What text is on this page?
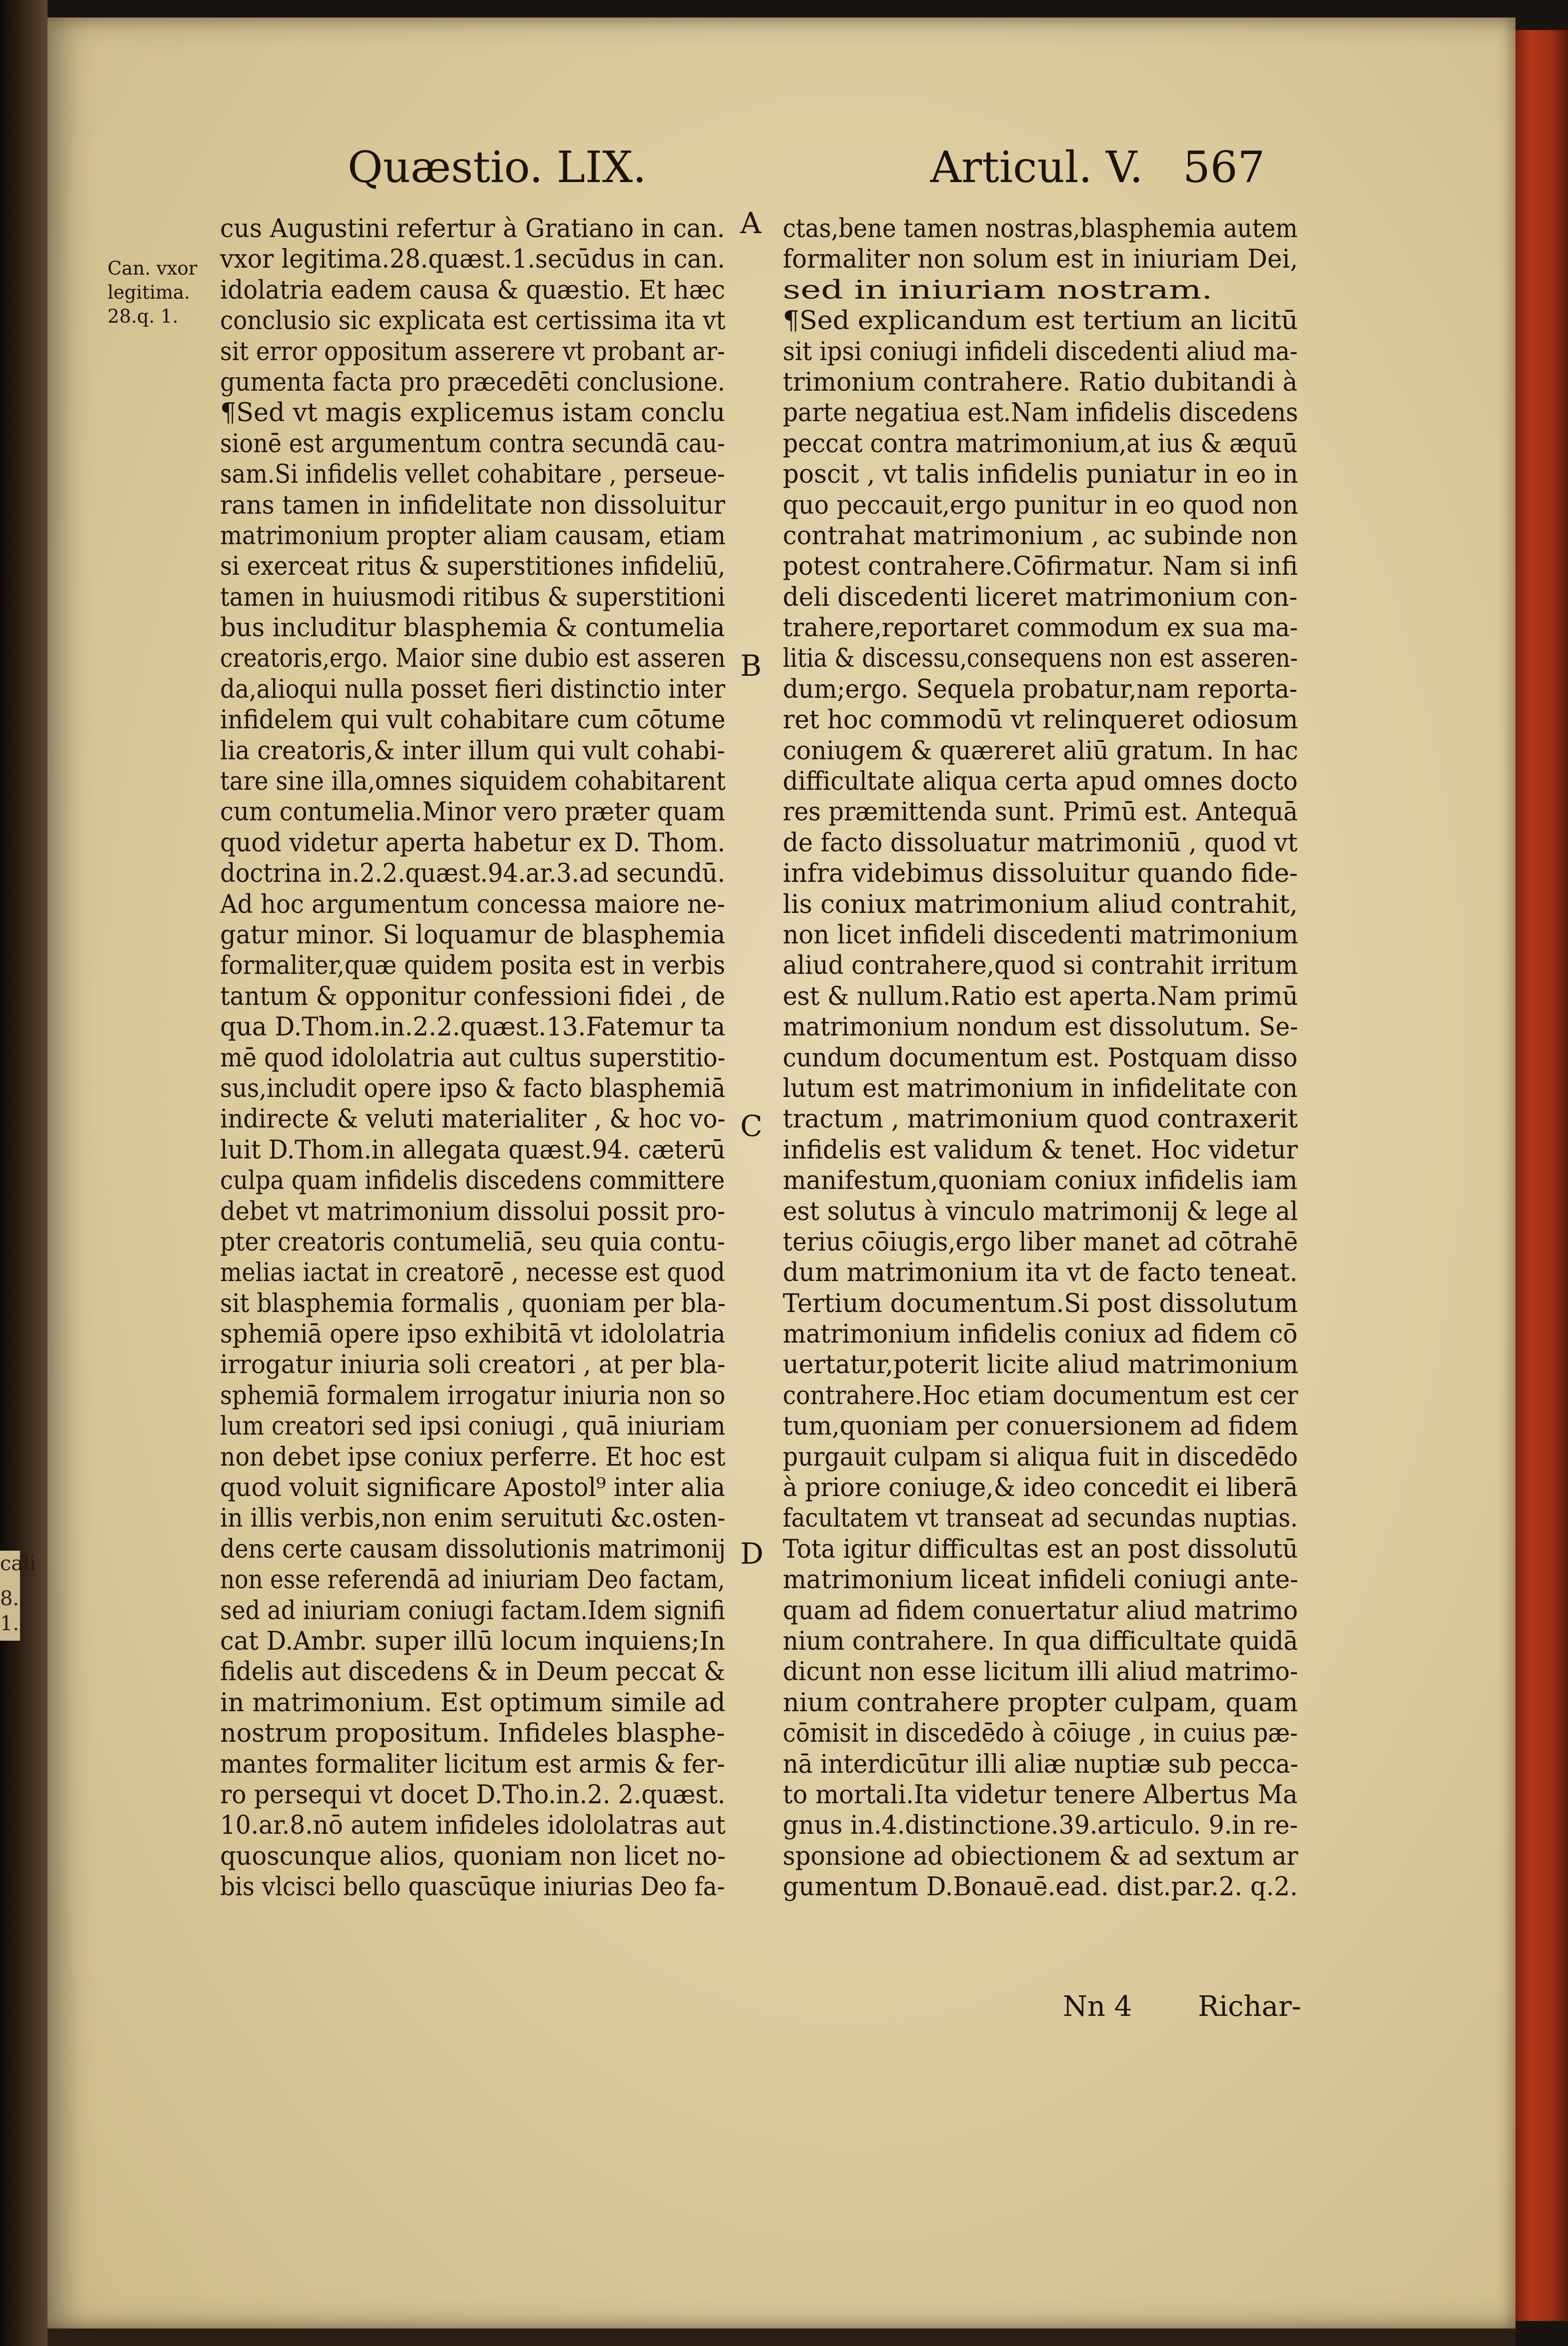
cali
8.
1.
Quæstio. LIX.	Articul. V. 567
Can. vxor
legitima.
28.q. 1.
A
B
C
D
cus Augustini refertur à Gratiano in can.
vxor legitima.28.quæst.1.secūdus in can.
idolatria eadem causa & quæstio. Et hæc
conclusio sic explicata est certissima ita vt
sit error oppositum asserere vt probant ar-
gumenta facta pro præcedēti conclusione.
¶Sed vt magis explicemus istam conclu
sionē est argumentum contra secundā cau-
sam.Si infidelis vellet cohabitare , perseue-
rans tamen in infidelitate non dissoluitur
matrimonium propter aliam causam, etiam
si exerceat ritus & superstitiones infideliū,
tamen in huiusmodi ritibus & superstitioni
bus includitur blasphemia & contumelia
creatoris,ergo. Maior sine dubio est asseren
da,alioqui nulla posset fieri distinctio inter
infidelem qui vult cohabitare cum cōtume
lia creatoris,& inter illum qui vult cohabi-
tare sine illa,omnes siquidem cohabitarent
cum contumelia.Minor vero præter quam
quod videtur aperta habetur ex D. Thom.
doctrina in.2.2.quæst.94.ar.3.ad secundū.
Ad hoc argumentum concessa maiore ne-
gatur minor. Si loquamur de blasphemia
formaliter,quæ quidem posita est in verbis
tantum & opponitur confessioni fidei , de
qua D.Thom.in.2.2.quæst.13.Fatemur ta
mē quod idololatria aut cultus superstitio-
sus,includit opere ipso & facto blasphemiā
indirecte & veluti materialiter , & hoc vo-
luit D.Thom.in allegata quæst.94. cæterū
culpa quam infidelis discedens committere
debet vt matrimonium dissolui possit pro-
pter creatoris contumeliā, seu quia contu-
melias iactat in creatorē , necesse est quod
sit blasphemia formalis , quoniam per bla-
sphemiā opere ipso exhibitā vt idololatria
irrogatur iniuria soli creatori , at per bla-
sphemiā formalem irrogatur iniuria non so
lum creatori sed ipsi coniugi , quā iniuriam
non debet ipse coniux perferre. Et hoc est
quod voluit significare Apostol⁹ inter alia
in illis verbis,non enim seruituti &c.osten-
dens certe causam dissolutionis matrimonij
non esse referendā ad iniuriam Deo factam,
sed ad iniuriam coniugi factam.Idem signifi
cat D.Ambr. super illū locum inquiens;In
fidelis aut discedens & in Deum peccat &
in matrimonium. Est optimum simile ad
nostrum propositum. Infideles blasphe-
mantes formaliter licitum est armis & fer-
ro persequi vt docet D.Tho.in.2. 2.quæst.
10.ar.8.nō autem infideles idololatras aut
quoscunque alios, quoniam non licet no-
bis vlcisci bello quascūque iniurias Deo fa-
ctas,bene tamen nostras,blasphemia autem
formaliter non solum est in iniuriam Dei,
sed in iniuriam nostram.
¶Sed explicandum est tertium an licitū
sit ipsi coniugi infideli discedenti aliud ma-
trimonium contrahere. Ratio dubitandi à
parte negatiua est.Nam infidelis discedens
peccat contra matrimonium,at ius & æquū
poscit , vt talis infidelis puniatur in eo in
quo peccauit,ergo punitur in eo quod non
contrahat matrimonium , ac subinde non
potest contrahere.Cōfirmatur. Nam si infi
deli discedenti liceret matrimonium con-
trahere,reportaret commodum ex sua ma-
litia & discessu,consequens non est asseren-
dum;ergo. Sequela probatur,nam reporta-
ret hoc commodū vt relinqueret odiosum
coniugem & quæreret aliū gratum. In hac
difficultate aliqua certa apud omnes docto
res præmittenda sunt. Primū est. Antequā
de facto dissoluatur matrimoniū , quod vt
infra videbimus dissoluitur quando fide-
lis coniux matrimonium aliud contrahit,
non licet infideli discedenti matrimonium
aliud contrahere,quod si contrahit irritum
est & nullum.Ratio est aperta.Nam primū
matrimonium nondum est dissolutum. Se-
cundum documentum est. Postquam disso
lutum est matrimonium in infidelitate con
tractum , matrimonium quod contraxerit
infidelis est validum & tenet. Hoc videtur
manifestum,quoniam coniux infidelis iam
est solutus à vinculo matrimonij & lege al
terius cōiugis,ergo liber manet ad cōtrahē
dum matrimonium ita vt de facto teneat.
Tertium documentum.Si post dissolutum
matrimonium infidelis coniux ad fidem cō
uertatur,poterit licite aliud matrimonium
contrahere.Hoc etiam documentum est cer
tum,quoniam per conuersionem ad fidem
purgauit culpam si aliqua fuit in discedēdo
à priore coniuge,& ideo concedit ei liberā
facultatem vt transeat ad secundas nuptias.
Tota igitur difficultas est an post dissolutū
matrimonium liceat infideli coniugi ante-
quam ad fidem conuertatur aliud matrimo
nium contrahere. In qua difficultate quidā
dicunt non esse licitum illi aliud matrimo-
nium contrahere propter culpam, quam
cōmisit in discedēdo à cōiuge , in cuius pæ-
nā interdicūtur illi aliæ nuptiæ sub pecca-
to mortali.Ita videtur tenere Albertus Ma
gnus in.4.distinctione.39.articulo. 9.in re-
sponsione ad obiectionem & ad sextum ar
gumentum D.Bonauē.ead. dist.par.2. q.2.
Nn 4 Richar-
